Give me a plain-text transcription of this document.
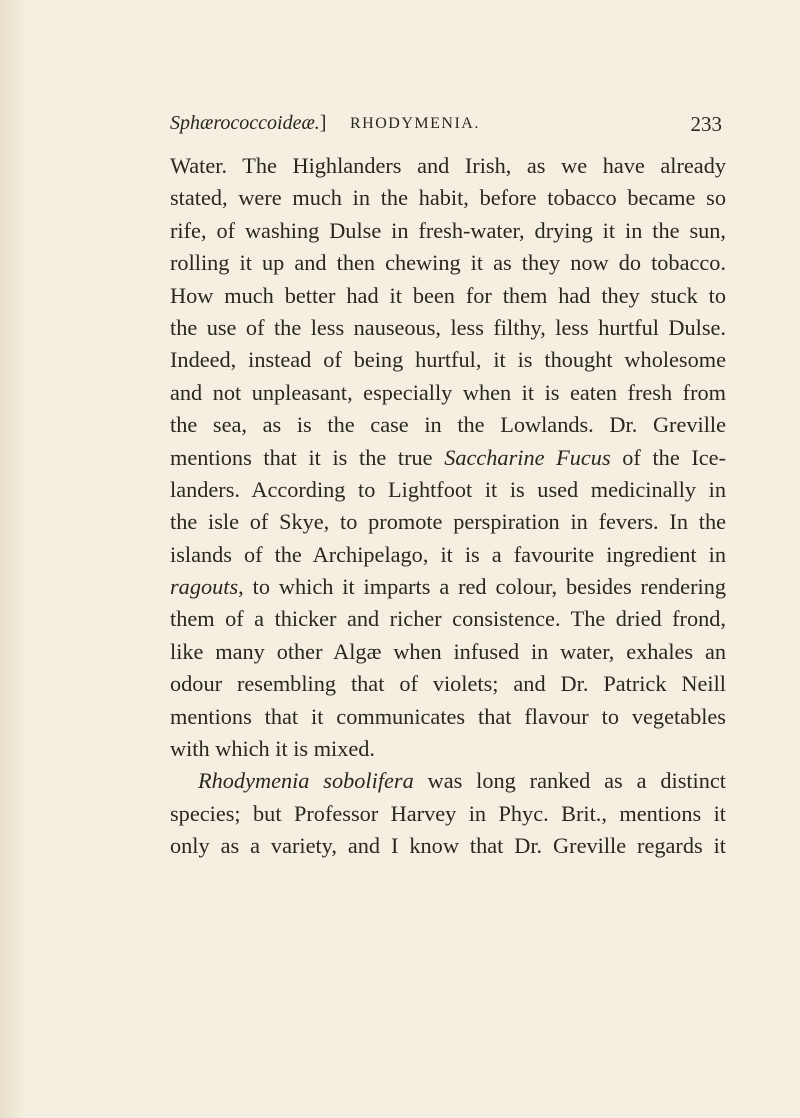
Sphærococcoideæ.] RHODYMENIA.	233
Water. The Highlanders and Irish, as we have already
stated, were much in the habit, before tobacco became so
rife, of washing Dulse in fresh-water, drying it in the sun,
rolling it up and then chewing it as they now do tobacco.
How much better had it been for them had they stuck to
the use of the less nauseous, less filthy, less hurtful Dulse.
Indeed, instead of being hurtful, it is thought wholesome
and not unpleasant, especially when it is eaten fresh from
the sea, as is the case in the Lowlands. Dr. Greville
mentions that it is the true Saccharine Fucus of the Ice-
landers. According to Lightfoot it is used medicinally in
the isle of Skye, to promote perspiration in fevers. In the
islands of the Archipelago, it is a favourite ingredient in
ragouts, to which it imparts a red colour, besides rendering
them of a thicker and richer consistence. The dried frond,
like many other Algæ when infused in water, exhales an
odour resembling that of violets; and Dr. Patrick Neill
mentions that it communicates that flavour to vegetables
with which it is mixed.
Rhodymenia sobolifera was long ranked as a distinct
species; but Professor Harvey in Phyc. Brit., mentions it
only as a variety, and I know that Dr. Greville regards it
